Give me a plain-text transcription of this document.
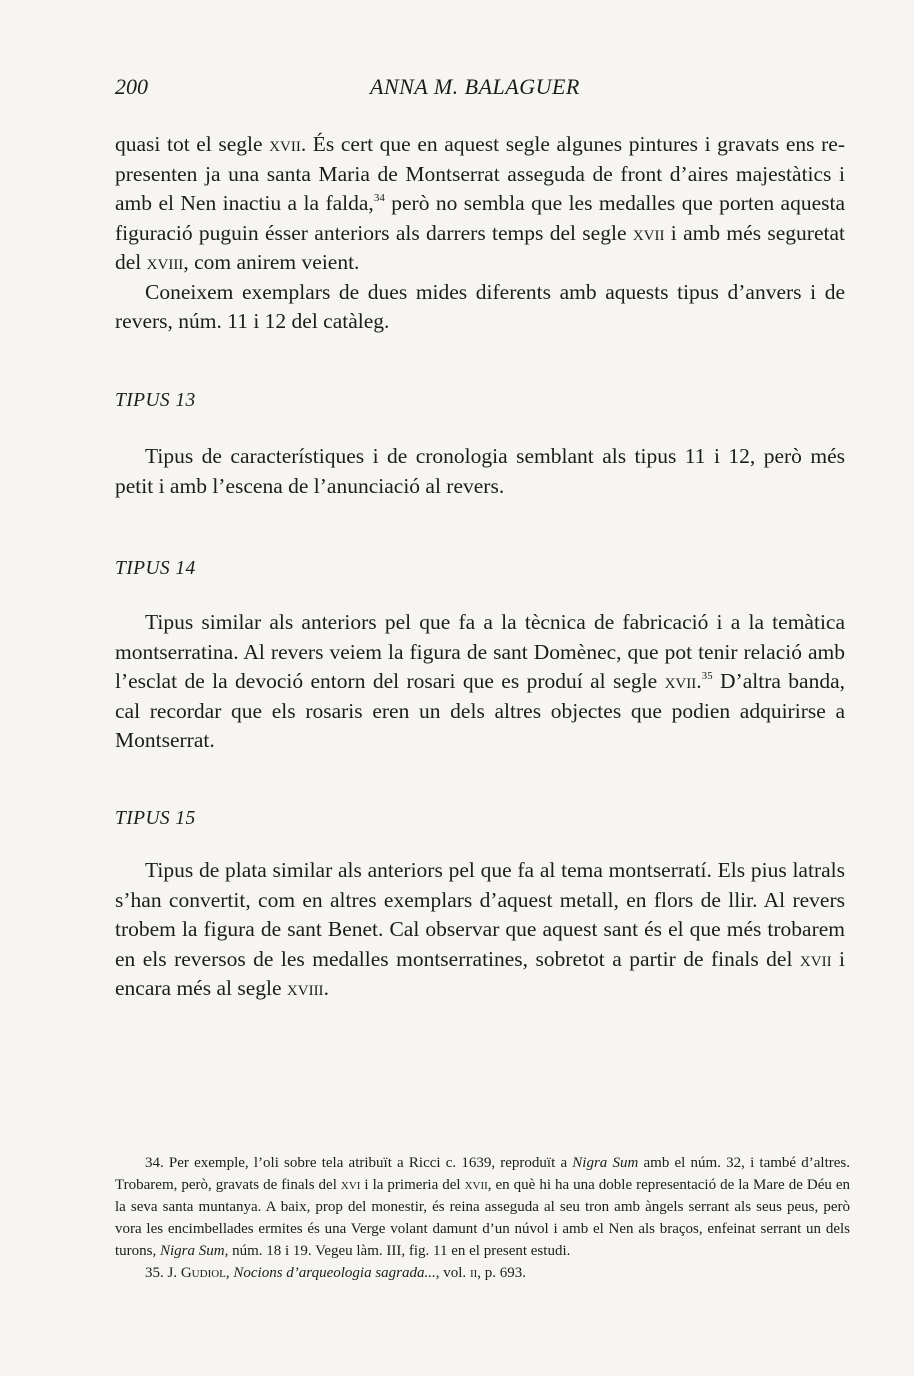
200	ANNA M. BALAGUER

quasi tot el segle xvii. És cert que en aquest segle algunes pintures i gravats ens representen ja una santa Maria de Montserrat asseguda de front d’aires majestàtics i amb el Nen inactiu a la falda,$^{34}$ però no sembla que les medalles que porten aquesta figuració puguin ésser anteriors als darrers temps del segle xvii i amb més seguretat del xviii, com anirem veient.

Coneixem exemplars de dues mides diferents amb aquests tipus d’anvers i de revers, núm. 11 i 12 del catàleg.

TIPUS 13

Tipus de característiques i de cronologia semblant als tipus 11 i 12, però més petit i amb l’escena de l’anunciació al revers.

TIPUS 14

Tipus similar als anteriors pel que fa a la tècnica de fabricació i a la temàtica montserratina. Al revers veiem la figura de sant Domènec, que pot tenir relació amb l’esclat de la devoció entorn del rosari que es produí al segle xvii.$^{35}$ D’altra banda, cal recordar que els rosaris eren un dels altres objectes que podien adquirirse a Montserrat.

TIPUS 15

Tipus de plata similar als anteriors pel que fa al tema montserratí. Els pius latrals s’han convertit, com en altres exemplars d’aquest metall, en flors de llir. Al revers trobem la figura de sant Benet. Cal observar que aquest sant és el que més trobarem en els reversos de les medalles montserratines, sobretot a partir de finals del xvii i encara més al segle xviii.

34. Per exemple, l’oli sobre tela atribuït a Ricci c. 1639, reproduït a Nigra Sum amb el núm. 32, i també d’altres. Trobarem, però, gravats de finals del xvi i la primeria del xvii, en què hi ha una doble representació de la Mare de Déu en la seva santa muntanya. A baix, prop del monestir, és reina asseguda al seu tron amb àngels serrant als seus peus, però vora les encimbellades ermites és una Verge volant damunt d’un núvol i amb el Nen als braços, enfeinat serrant un dels turons, Nigra Sum, núm. 18 i 19. Vegeu làm. III, fig. 11 en el present estudi.

35. J. Gudiol, Nocions d’arqueologia sagrada..., vol. ii, p. 693.
